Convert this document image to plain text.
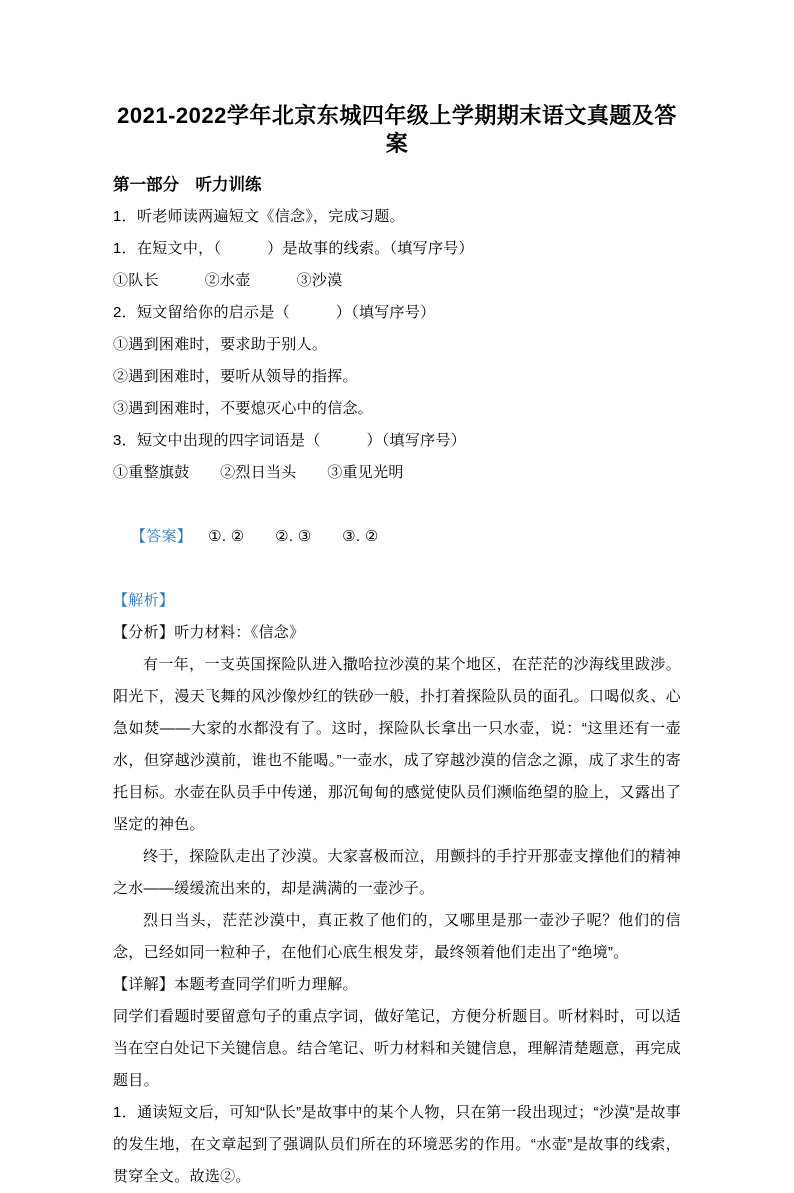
2021-2022学年北京东城四年级上学期期末语文真题及答案
第一部分　听力训练

1．听老师读两遍短文《信念》，完成习题。

1．在短文中，（　　　）是故事的线索。（填写序号）

①队长　　　②水壶　　　③沙漠

2．短文留给你的启示是（　　　）（填写序号）

①遇到困难时，要求助于别人。

②遇到困难时，要听从领导的指挥。

③遇到困难时，不要熄灭心中的信念。

3．短文中出现的四字词语是（　　　）（填写序号）

①重整旗鼓　　②烈日当头　　③重见光明

【答案】 ①. ②　　②. ③　　③. ②

【解析】

【分析】听力材料：《信念》

有一年，一支英国探险队进入撒哈拉沙漠的某个地区，在茫茫的沙海线里跋涉。阳光下，漫天飞舞的风沙像炒红的铁砂一般，扑打着探险队员的面孔。口喝似炙、心急如焚——大家的水都没有了。这时，探险队长拿出一只水壶，说：“这里还有一壶水，但穿越沙漠前，谁也不能喝。”一壶水，成了穿越沙漠的信念之源，成了求生的寄托目标。水壶在队员手中传递，那沉甸甸的感觉使队员们濒临绝望的脸上，又露出了坚定的神色。

终于，探险队走出了沙漠。大家喜极而泣，用颤抖的手拧开那壶支撑他们的精神之水——缓缓流出来的，却是满满的一壶沙子。

烈日当头，茫茫沙漠中，真正救了他们的，又哪里是那一壶沙子呢？他们的信念，已经如同一粒种子，在他们心底生根发芽，最终领着他们走出了“绝境”。

【详解】本题考查同学们听力理解。

同学们看题时要留意句子的重点字词，做好笔记，方便分析题目。听材料时，可以适当在空白处记下关键信息。结合笔记、听力材料和关键信息，理解清楚题意，再完成题目。

1．通读短文后，可知“队长”是故事中的某个人物，只在第一段出现过；“沙漠”是故事的发生地，在文章起到了强调队员们所在的环境恶劣的作用。“水壶”是故事的线索，贯穿全文。故选②。
